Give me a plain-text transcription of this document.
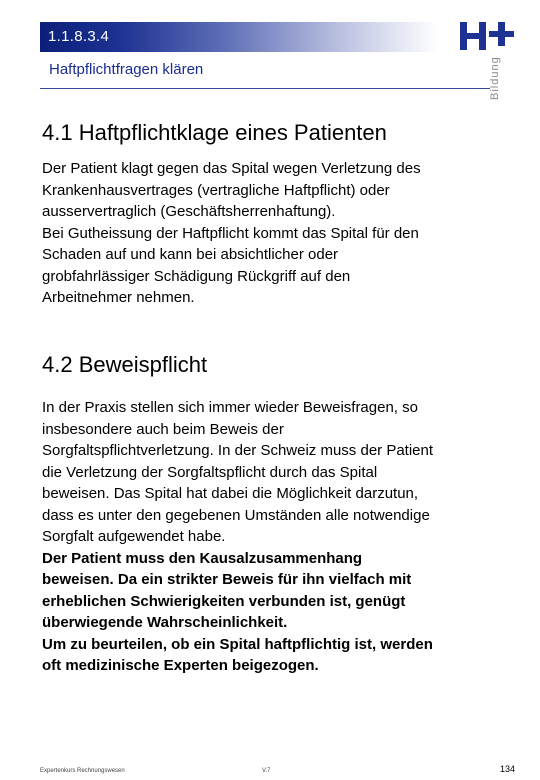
1.1.8.3.4
Haftpflichtfragen klären	Bildung
4.1 Haftpflichtklage eines Patienten
Der Patient klagt gegen das Spital wegen Verletzung des
Krankenhausvertrages (vertragliche Haftpflicht) oder
ausservertraglich (Geschäftsherrenhaftung).
Bei Gutheissung der Haftpflicht kommt das Spital für den
Schaden auf und kann bei absichtlicher oder
grobfahrlässiger Schädigung Rückgriff auf den
Arbeitnehmer nehmen.
4.2 Beweispflicht
In der Praxis stellen sich immer wieder Beweisfragen, so
insbesondere auch beim Beweis der
Sorgfaltspflichtverletzung. In der Schweiz muss der Patient
die Verletzung der Sorgfaltspflicht durch das Spital
beweisen. Das Spital hat dabei die Möglichkeit darzutun,
dass es unter den gegebenen Umständen alle notwendige
Sorgfalt aufgewendet habe.
Der Patient muss den Kausalzusammenhang
beweisen. Da ein strikter Beweis für ihn vielfach mit
erheblichen Schwierigkeiten verbunden ist, genügt
überwiegende Wahrscheinlichkeit.
Um zu beurteilen, ob ein Spital haftpflichtig ist, werden
oft medizinische Experten beigezogen.
Expertenkurs Rechnungswesen	V.7	134
